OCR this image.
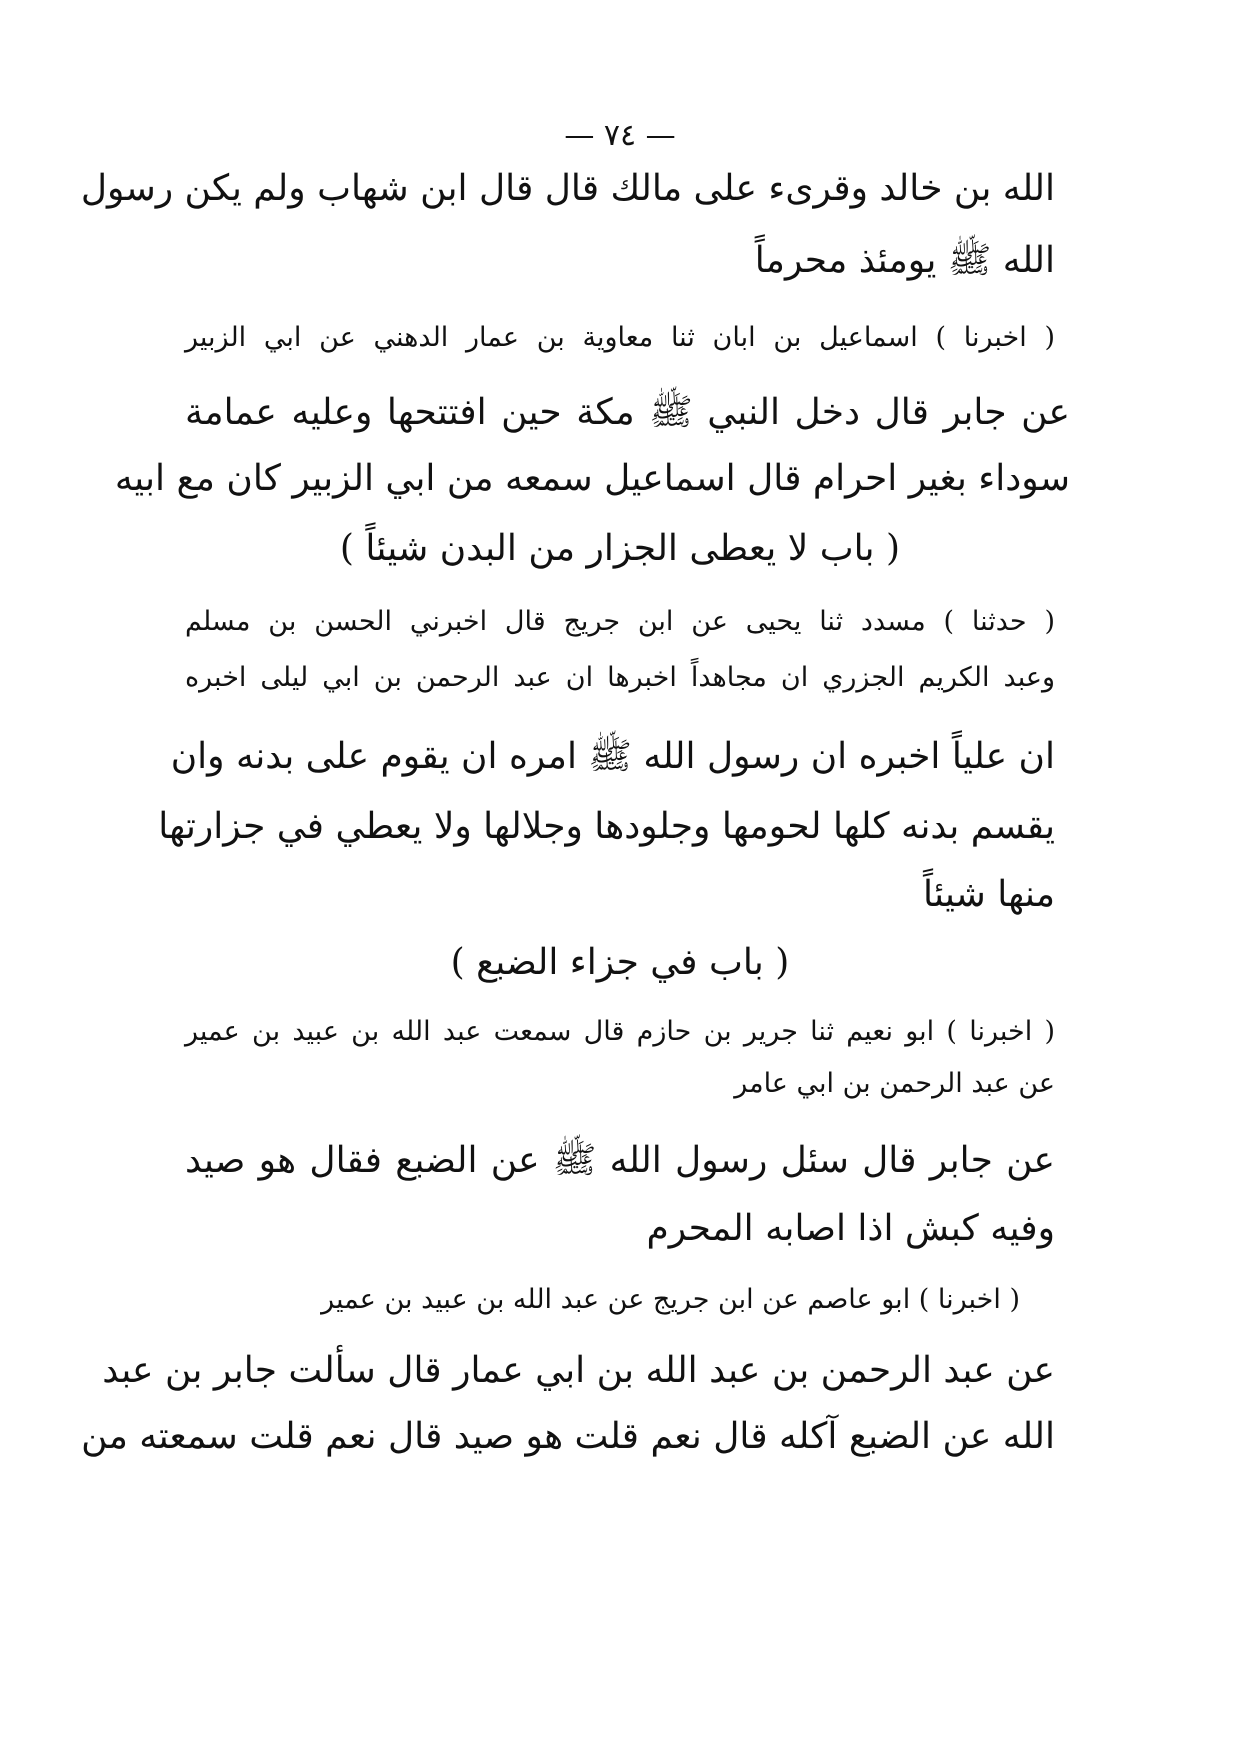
— ٧٤ —
الله بن خالد وقرىء على مالك قال قال ابن شهاب ولم يكن رسول
الله ﷺ يومئذ محرماً
( اخبرنا ) اسماعيل بن ابان ثنا معاوية بن عمار الدهني عن ابي الزبير
عن جابر قال دخل النبي ﷺ مكة حين افتتحها وعليه عمامة
سوداء بغير احرام قال اسماعيل سمعه من ابي الزبير كان مع ابيه
( باب لا يعطى الجزار من البدن شيئاً )
( حدثنا ) مسدد ثنا يحيى عن ابن جريج قال اخبرني الحسن بن مسلم
وعبد الكريم الجزري ان مجاهداً اخبرها ان عبد الرحمن بن ابي ليلى اخبره
ان علياً اخبره ان رسول الله ﷺ امره ان يقوم على بدنه وان
يقسم بدنه كلها لحومها وجلودها وجلالها ولا يعطي في جزارتها
منها شيئاً
( باب في جزاء الضبع )
( اخبرنا ) ابو نعيم ثنا جرير بن حازم قال سمعت عبد الله بن عبيد بن عمير
عن عبد الرحمن بن ابي عامر
عن جابر قال سئل رسول الله ﷺ عن الضبع فقال هو صيد
وفيه كبش اذا اصابه المحرم
( اخبرنا ) ابو عاصم عن ابن جريج عن عبد الله بن عبيد بن عمير
عن عبد الرحمن بن عبد الله بن ابي عمار قال سألت جابر بن عبد
الله عن الضبع آكله قال نعم قلت هو صيد قال نعم قلت سمعته من
